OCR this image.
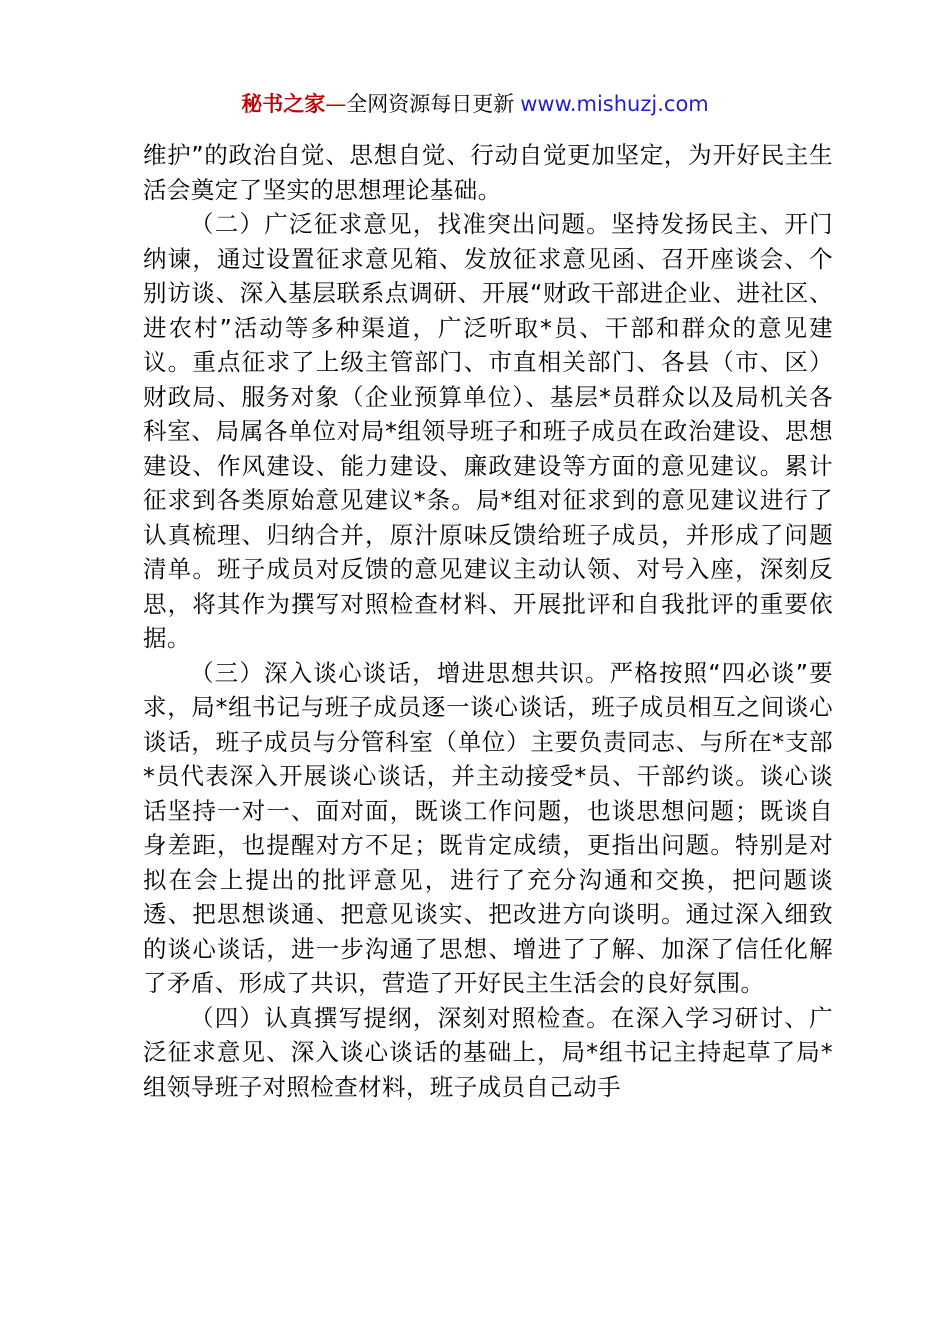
秘书之家—全网资源每日更新 www.mishuzj.com

维护”的政治自觉、思想自觉、行动自觉更加坚定，为开好民主生活会奠定了坚实的思想理论基础。

（二）广泛征求意见，找准突出问题。坚持发扬民主、开门纳谏，通过设置征求意见箱、发放征求意见函、召开座谈会、个别访谈、深入基层联系点调研、开展“财政干部进企业、进社区、进农村”活动等多种渠道，广泛听取*员、干部和群众的意见建议。重点征求了上级主管部门、市直相关部门、各县（市、区）财政局、服务对象（企业预算单位）、基层*员群众以及局机关各科室、局属各单位对局*组领导班子和班子成员在政治建设、思想建设、作风建设、能力建设、廉政建设等方面的意见建议。累计征求到各类原始意见建议*条。局*组对征求到的意见建议进行了认真梳理、归纳合并，原汁原味反馈给班子成员，并形成了问题清单。班子成员对反馈的意见建议主动认领、对号入座，深刻反思，将其作为撰写对照检查材料、开展批评和自我批评的重要依据。

（三）深入谈心谈话，增进思想共识。严格按照“四必谈”要求，局*组书记与班子成员逐一谈心谈话，班子成员相互之间谈心谈话，班子成员与分管科室（单位）主要负责同志、与所在*支部*员代表深入开展谈心谈话，并主动接受*员、干部约谈。谈心谈话坚持一对一、面对面，既谈工作问题，也谈思想问题；既谈自身差距，也提醒对方不足；既肯定成绩，更指出问题。特别是对拟在会上提出的批评意见，进行了充分沟通和交换，把问题谈透、把思想谈通、把意见谈实、把改进方向谈明。通过深入细致的谈心谈话，进一步沟通了思想、增进了了解、加深了信任化解了矛盾、形成了共识，营造了开好民主生活会的良好氛围。

（四）认真撰写提纲，深刻对照检查。在深入学习研讨、广泛征求意见、深入谈心谈话的基础上，局*组书记主持起草了局*组领导班子对照检查材料，班子成员自己动手
